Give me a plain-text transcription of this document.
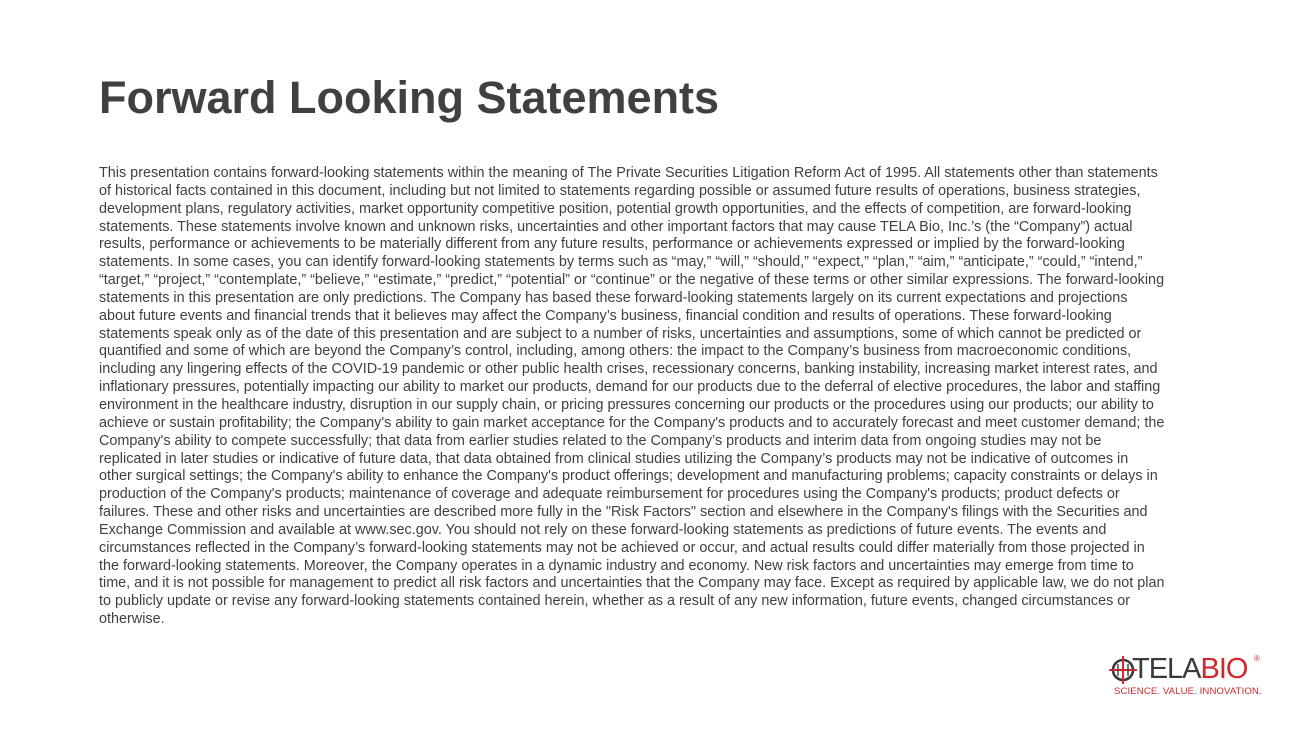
Forward Looking Statements
This presentation contains forward-looking statements within the meaning of The Private Securities Litigation Reform Act of 1995. All statements other than statements
of historical facts contained in this document, including but not limited to statements regarding possible or assumed future results of operations, business strategies,
development plans, regulatory activities, market opportunity competitive position, potential growth opportunities, and the effects of competition, are forward-looking
statements. These statements involve known and unknown risks, uncertainties and other important factors that may cause TELA Bio, Inc.’s (the “Company”) actual
results, performance or achievements to be materially different from any future results, performance or achievements expressed or implied by the forward-looking
statements. In some cases, you can identify forward-looking statements by terms such as “may,” “will,” “should,” “expect,” “plan,” “aim,” “anticipate,” “could,” “intend,”
“target,” “project,” “contemplate,” “believe,” “estimate,” “predict,” “potential” or “continue” or the negative of these terms or other similar expressions. The forward-looking
statements in this presentation are only predictions. The Company has based these forward-looking statements largely on its current expectations and projections
about future events and financial trends that it believes may affect the Company’s business, financial condition and results of operations. These forward-looking
statements speak only as of the date of this presentation and are subject to a number of risks, uncertainties and assumptions, some of which cannot be predicted or
quantified and some of which are beyond the Company’s control, including, among others: the impact to the Company’s business from macroeconomic conditions,
including any lingering effects of the COVID-19 pandemic or other public health crises, recessionary concerns, banking instability, increasing market interest rates, and
inflationary pressures, potentially impacting our ability to market our products, demand for our products due to the deferral of elective procedures, the labor and staffing
environment in the healthcare industry, disruption in our supply chain, or pricing pressures concerning our products or the procedures using our products; our ability to
achieve or sustain profitability; the Company's ability to gain market acceptance for the Company's products and to accurately forecast and meet customer demand; the
Company's ability to compete successfully; that data from earlier studies related to the Company’s products and interim data from ongoing studies may not be
replicated in later studies or indicative of future data, that data obtained from clinical studies utilizing the Company’s products may not be indicative of outcomes in
other surgical settings; the Company's ability to enhance the Company's product offerings; development and manufacturing problems; capacity constraints or delays in
production of the Company's products; maintenance of coverage and adequate reimbursement for procedures using the Company's products; product defects or
failures. These and other risks and uncertainties are described more fully in the "Risk Factors" section and elsewhere in the Company's filings with the Securities and
Exchange Commission and available at www.sec.gov. You should not rely on these forward-looking statements as predictions of future events. The events and
circumstances reflected in the Company’s forward-looking statements may not be achieved or occur, and actual results could differ materially from those projected in
the forward-looking statements. Moreover, the Company operates in a dynamic industry and economy. New risk factors and uncertainties may emerge from time to
time, and it is not possible for management to predict all risk factors and uncertainties that the Company may face. Except as required by applicable law, we do not plan
to publicly update or revise any forward-looking statements contained herein, whether as a result of any new information, future events, changed circumstances or
otherwise.
TELABIO ®
SCIENCE. VALUE. INNOVATION.
